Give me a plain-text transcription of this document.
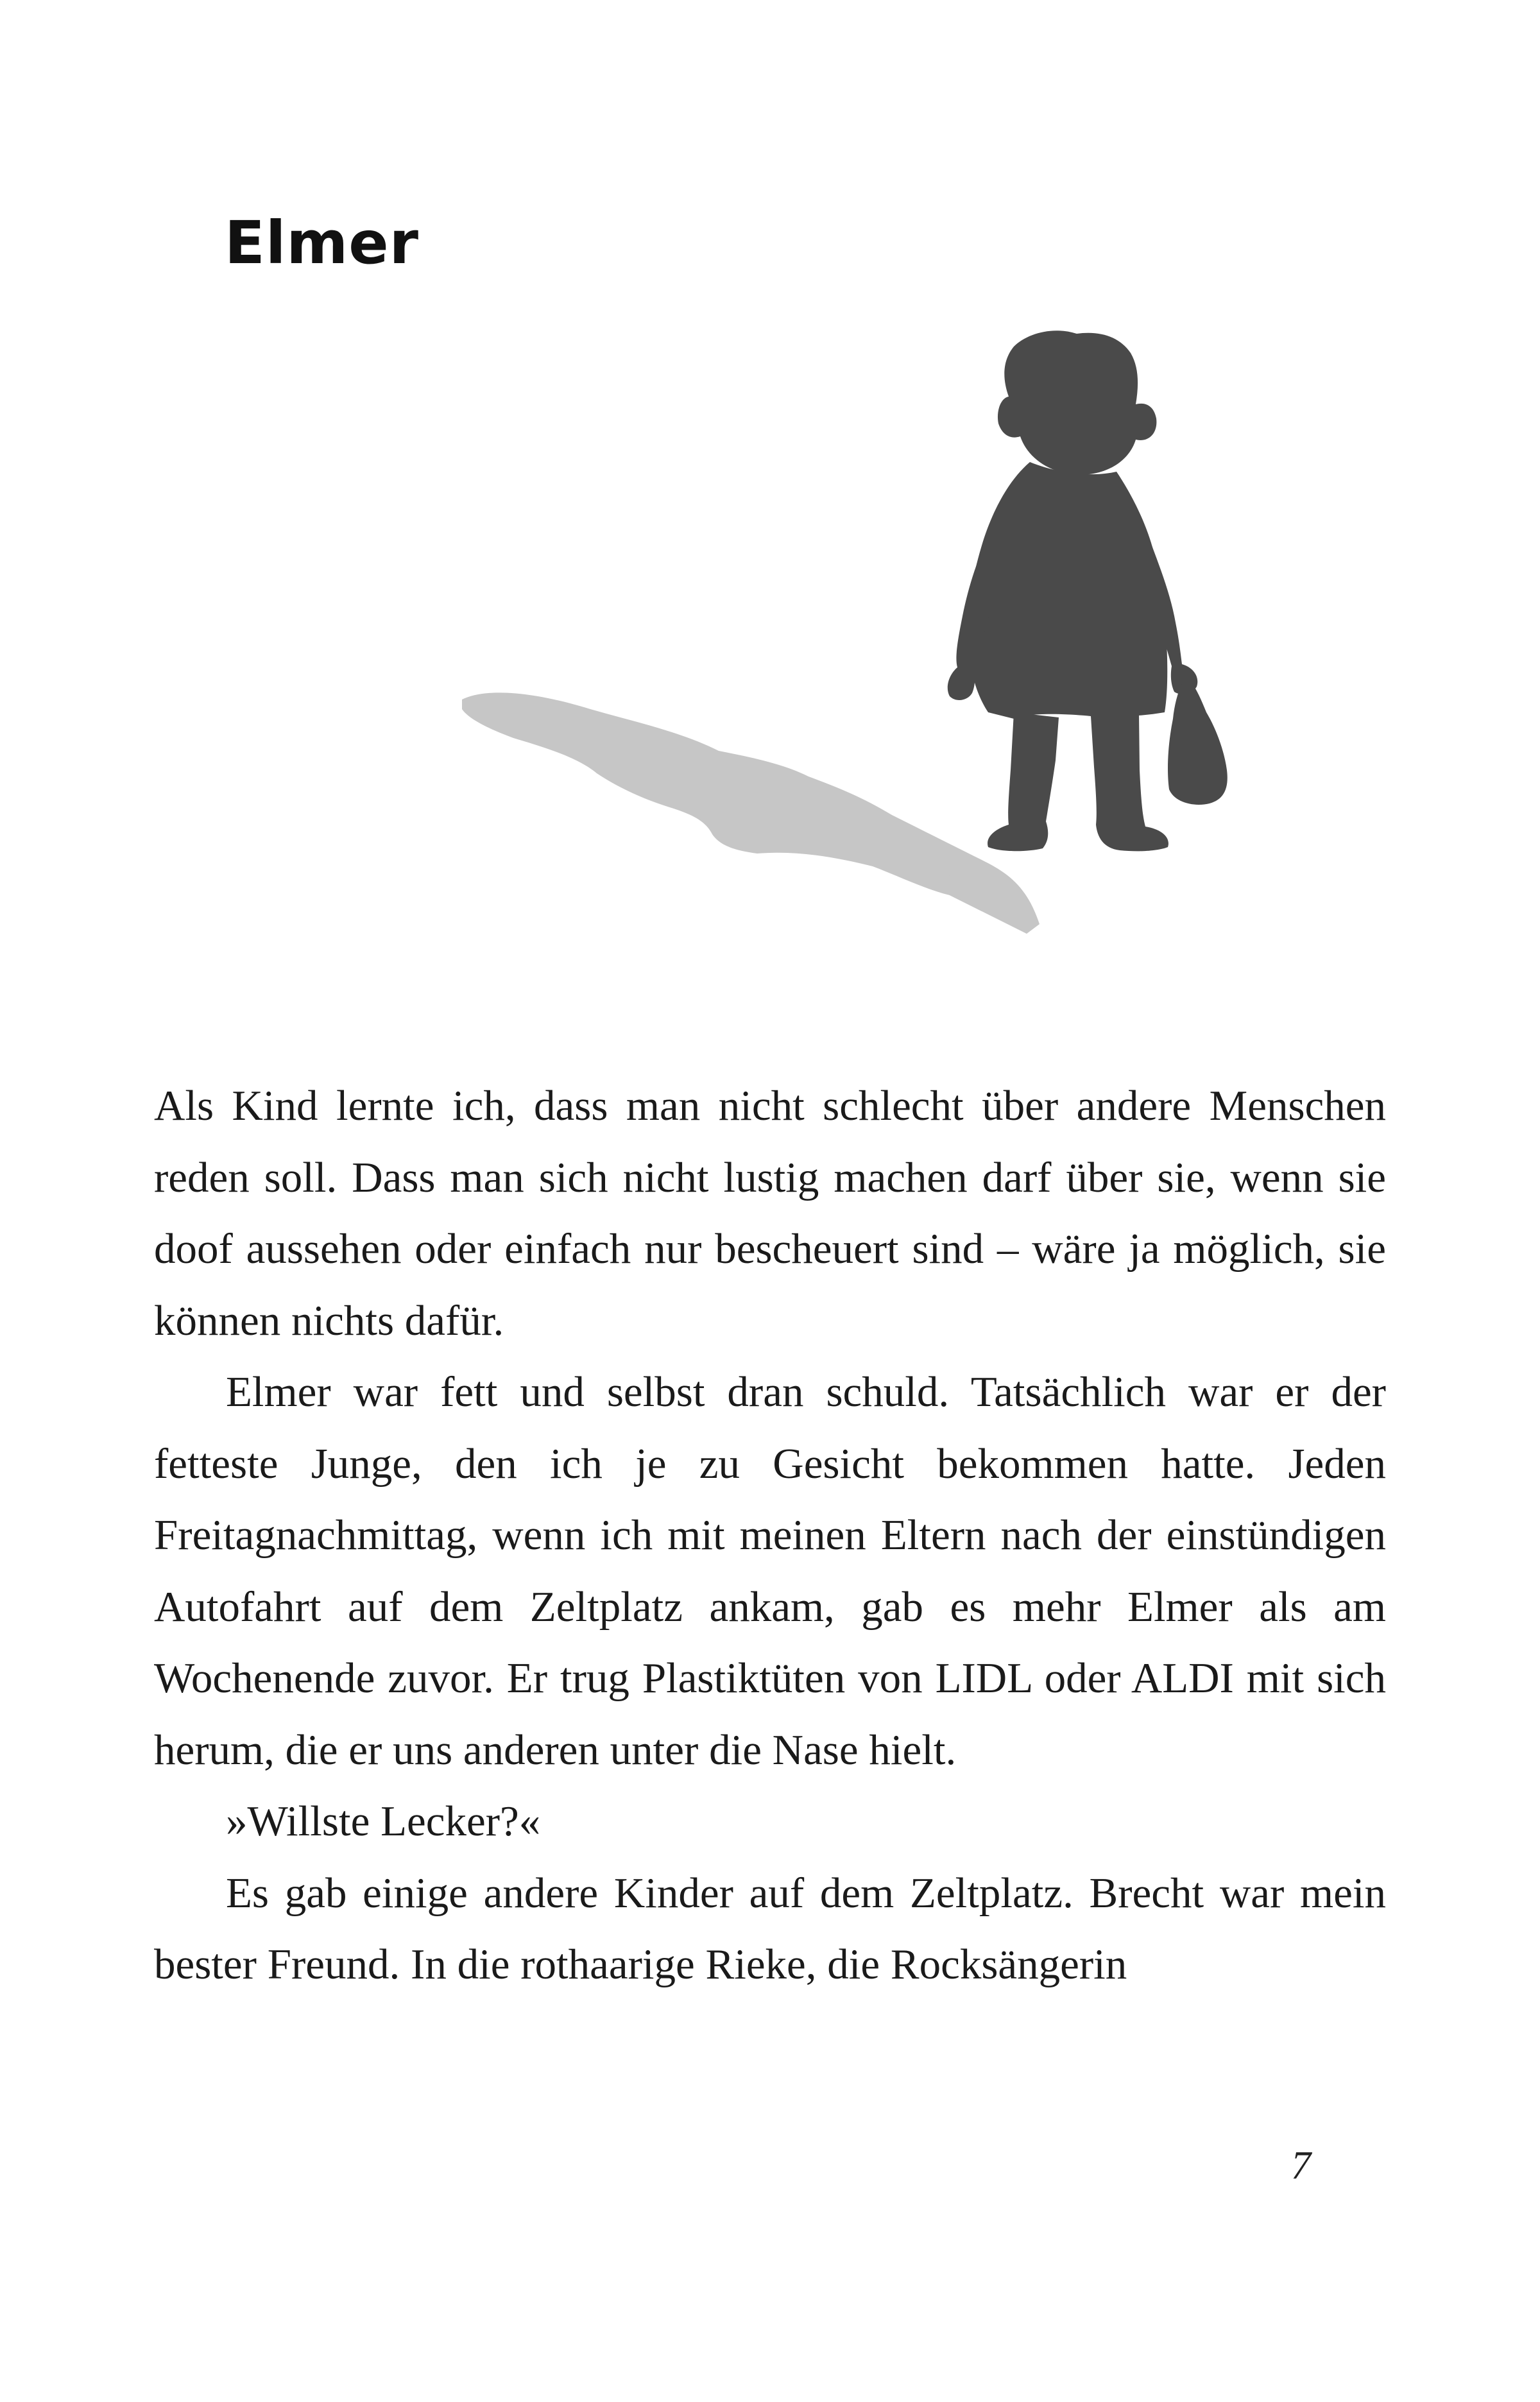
Elmer

Als Kind lernte ich, dass man nicht schlecht über andere Menschen reden soll. Dass man sich nicht lustig machen darf über sie, wenn sie doof aussehen oder einfach nur bescheuert sind – wäre ja möglich, sie können nichts dafür.

Elmer war fett und selbst dran schuld. Tatsächlich war er der fetteste Junge, den ich je zu Gesicht bekommen hatte. Jeden Freitagnachmittag, wenn ich mit meinen Eltern nach der einstündigen Autofahrt auf dem Zeltplatz ankam, gab es mehr Elmer als am Wochenende zuvor. Er trug Plastiktüten von LIDL oder ALDI mit sich herum, die er uns anderen unter die Nase hielt.

»Willste Lecker?«

Es gab einige andere Kinder auf dem Zeltplatz. Brecht war mein bester Freund. In die rothaarige Rieke, die Rocksängerin

7
